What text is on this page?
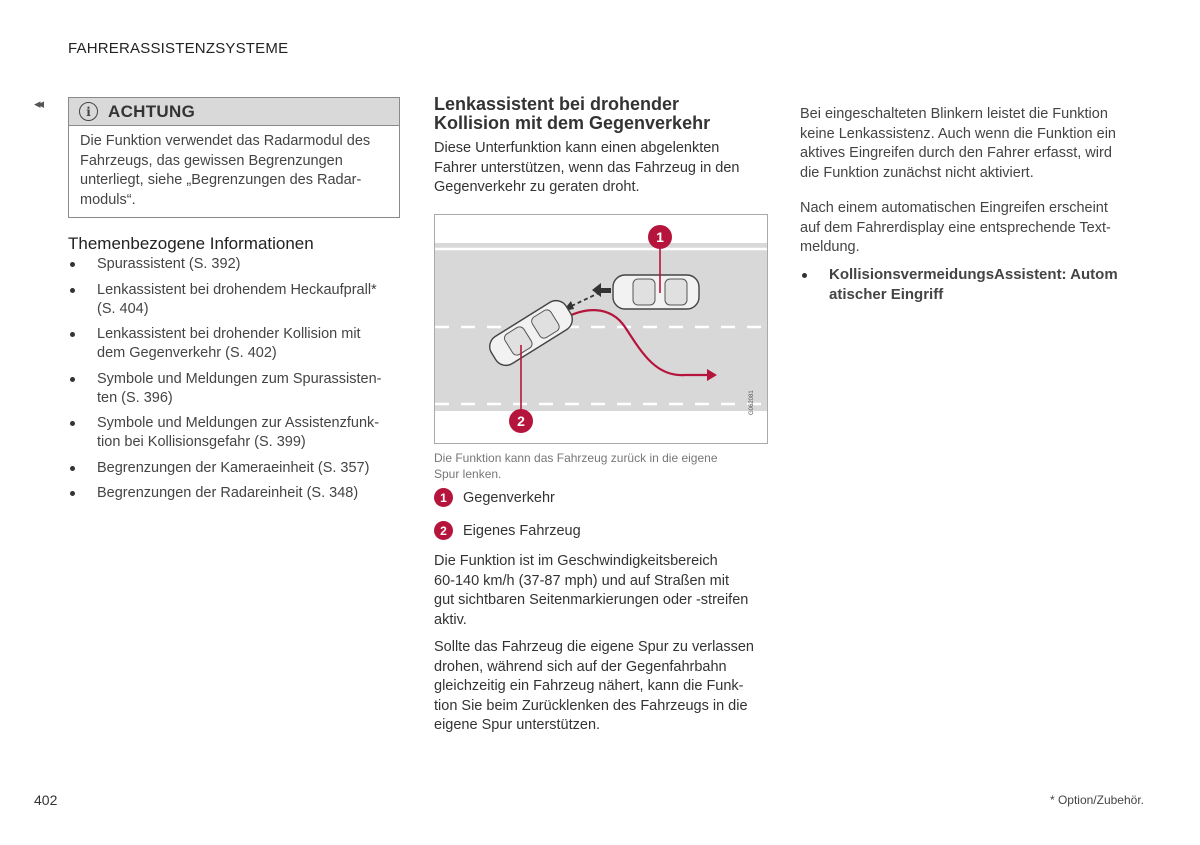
FAHRERASSISTENZSYSTEME
◂◂
i	ACHTUNG
Die Funktion verwendet das Radarmodul des
Fahrzeugs, das gewissen Begrenzungen
unterliegt, siehe „Begrenzungen des Radar-
moduls“.
Themenbezogene Informationen
Spurassistent (S. 392)
Lenkassistent bei drohendem Heckaufprall*
(S. 404)
Lenkassistent bei drohender Kollision mit
dem Gegenverkehr (S. 402)
Symbole und Meldungen zum Spurassisten-
ten (S. 396)
Symbole und Meldungen zur Assistenzfunk-
tion bei Kollisionsgefahr (S. 399)
Begrenzungen der Kameraeinheit (S. 357)
Begrenzungen der Radareinheit (S. 348)
Lenkassistent bei drohender
Kollision mit dem Gegenverkehr
Diese Unterfunktion kann einen abgelenkten
Fahrer unterstützen, wenn das Fahrzeug in den
Gegenverkehr zu geraten droht.
1
2
G062081
Die Funktion kann das Fahrzeug zurück in die eigene
Spur lenken.
1	Gegenverkehr
2	Eigenes Fahrzeug
Die Funktion ist im Geschwindigkeitsbereich
60-140 km/h (37-87 mph) und auf Straßen mit
gut sichtbaren Seitenmarkierungen oder -streifen
aktiv.
Sollte das Fahrzeug die eigene Spur zu verlassen
drohen, während sich auf der Gegenfahrbahn
gleichzeitig ein Fahrzeug nähert, kann die Funk-
tion Sie beim Zurücklenken des Fahrzeugs in die
eigene Spur unterstützen.
Bei eingeschalteten Blinkern leistet die Funktion
keine Lenkassistenz. Auch wenn die Funktion ein
aktives Eingreifen durch den Fahrer erfasst, wird
die Funktion zunächst nicht aktiviert.
Nach einem automatischen Eingreifen erscheint
auf dem Fahrerdisplay eine entsprechende Text-
meldung.
KollisionsvermeidungsAssistent: Autom
atischer Eingriff
402	* Option/Zubehör.
